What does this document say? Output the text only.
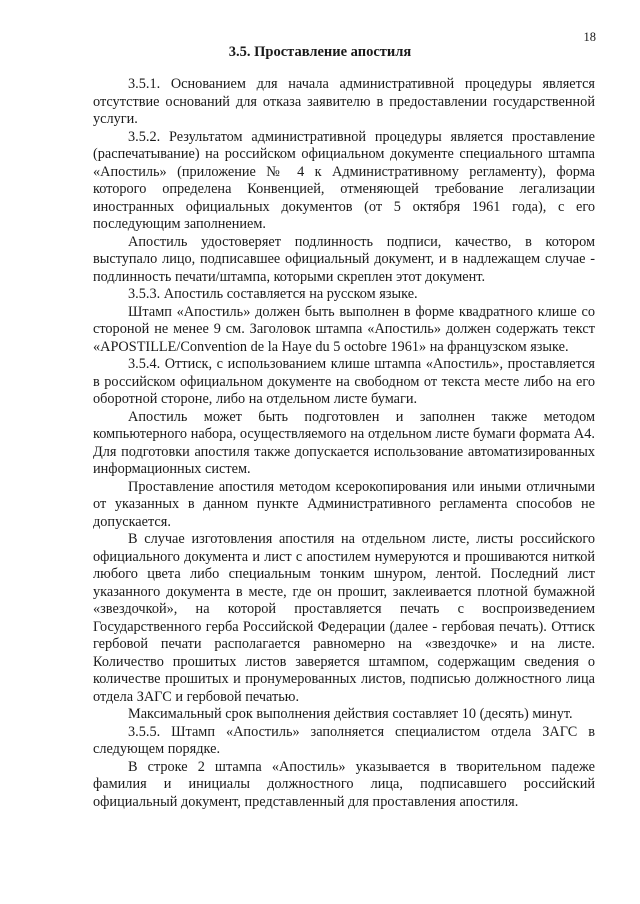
18
3.5. Проставление апостиля

3.5.1. Основанием для начала административной процедуры является отсутствие оснований для отказа заявителю в предоставлении государственной услуги.

3.5.2. Результатом административной процедуры является проставление (распечатывание) на российском официальном документе специального штампа «Апостиль» (приложение № 4 к Административному регламенту), форма которого определена Конвенцией, отменяющей требование легализации иностранных официальных документов (от 5 октября 1961 года), с его последующим заполнением.

Апостиль удостоверяет подлинность подписи, качество, в котором выступало лицо, подписавшее официальный документ, и в надлежащем случае - подлинность печати/штампа, которыми скреплен этот документ.

3.5.3. Апостиль составляется на русском языке.

Штамп «Апостиль» должен быть выполнен в форме квадратного клише со стороной не менее 9 см. Заголовок штампа «Апостиль» должен содержать текст «APOSTILLE/Convention de la Haye du 5 octobre 1961» на французском языке.

3.5.4. Оттиск, с использованием клише штампа «Апостиль», проставляется в российском официальном документе на свободном от текста месте либо на его оборотной стороне, либо на отдельном листе бумаги.

Апостиль может быть подготовлен и заполнен также методом компьютерного набора, осуществляемого на отдельном листе бумаги формата А4. Для подготовки апостиля также допускается использование автоматизированных информационных систем.

Проставление апостиля методом ксерокопирования или иными отличными от указанных в данном пункте Административного регламента способов не допускается.

В случае изготовления апостиля на отдельном листе, листы российского официального документа и лист с апостилем нумеруются и прошиваются ниткой любого цвета либо специальным тонким шнуром, лентой. Последний лист указанного документа в месте, где он прошит, заклеивается плотной бумажной «звездочкой», на которой проставляется печать с воспроизведением Государственного герба Российской Федерации (далее - гербовая печать). Оттиск гербовой печати располагается равномерно на «звездочке» и на листе. Количество прошитых листов заверяется штампом, содержащим сведения о количестве прошитых и пронумерованных листов, подписью должностного лица отдела ЗАГС и гербовой печатью.

Максимальный срок выполнения действия составляет 10 (десять) минут.

3.5.5. Штамп «Апостиль» заполняется специалистом отдела ЗАГС в следующем порядке.

В строке 2 штампа «Апостиль» указывается в творительном падеже фамилия и инициалы должностного лица, подписавшего российский официальный документ, представленный для проставления апостиля.
